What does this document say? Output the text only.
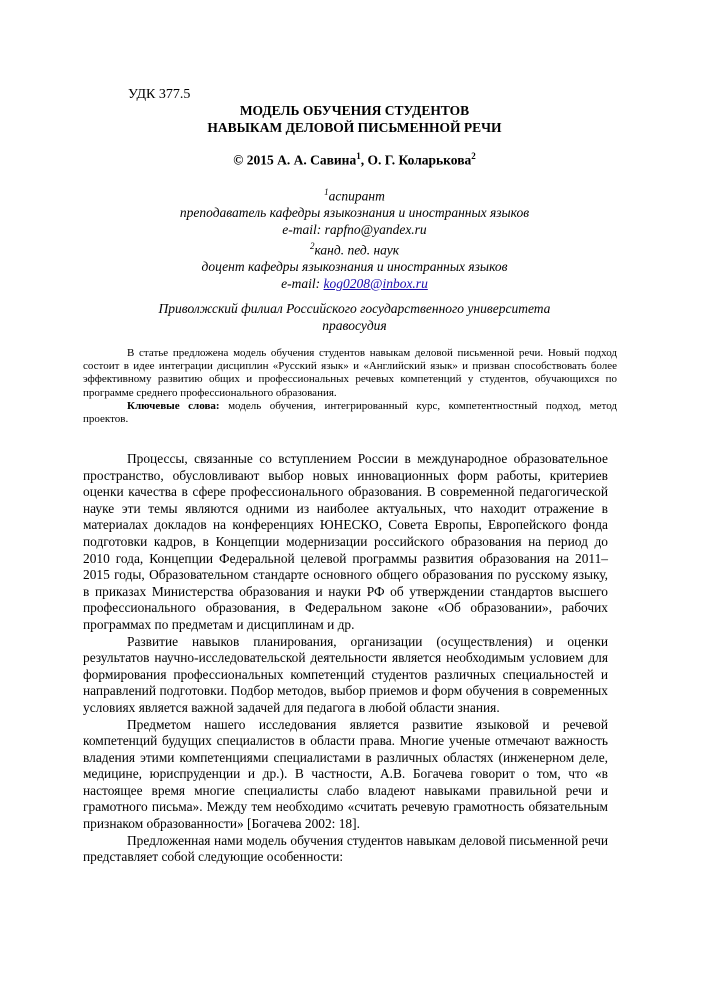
УДК 377.5
МОДЕЛЬ ОБУЧЕНИЯ СТУДЕНТОВ
НАВЫКАМ ДЕЛОВОЙ ПИСЬМЕННОЙ РЕЧИ
© 2015 А. А. Савина$^1$, О. Г. Коларькова$^2$
$^1$аспирант
преподаватель кафедры языкознания и иностранных языков
e-mail: rapfno@yandex.ru
$^2$канд. пед. наук
доцент кафедры языкознания и иностранных языков
e-mail: kog0208@inbox.ru
Приволжский филиал Российского государственного университета
правосудия

В статье предложена модель обучения студентов навыкам деловой письменной речи. Новый подход состоит в идее интеграции дисциплин «Русский язык» и «Английский язык» и призван способствовать более эффективному развитию общих и профессиональных речевых компетенций у студентов, обучающихся по программе среднего профессионального образования.

Ключевые слова: модель обучения, интегрированный курс, компетентностный подход, метод проектов.

Процессы, связанные со вступлением России в международное образовательное пространство, обусловливают выбор новых инновационных форм работы, критериев оценки качества в сфере профессионального образования. В современной педагогической науке эти темы являются одними из наиболее актуальных, что находит отражение в материалах докладов на конференциях ЮНЕСКО, Совета Европы, Европейского фонда подготовки кадров, в Концепции модернизации российского образования на период до 2010 года, Концепции Федеральной целевой программы развития образования на 2011–2015 годы, Образовательном стандарте основного общего образования по русскому языку, в приказах Министерства образования и науки РФ об утверждении стандартов высшего профессионального образования, в Федеральном законе «Об образовании», рабочих программах по предметам и дисциплинам и др.

Развитие навыков планирования, организации (осуществления) и оценки результатов научно-исследовательской деятельности является необходимым условием для формирования профессиональных компетенций студентов различных специальностей и направлений подготовки. Подбор методов, выбор приемов и форм обучения в современных условиях является важной задачей для педагога в любой области знания.

Предметом нашего исследования является развитие языковой и речевой компетенций будущих специалистов в области права. Многие ученые отмечают важность владения этими компетенциями специалистами в различных областях (инженерном деле, медицине, юриспруденции и др.). В частности, А.В. Богачева говорит о том, что «в настоящее время многие специалисты слабо владеют навыками правильной речи и грамотного письма». Между тем необходимо «считать речевую грамотность обязательным признаком образованности» [Богачева 2002: 18].

Предложенная нами модель обучения студентов навыкам деловой письменной речи представляет собой следующие особенности:
